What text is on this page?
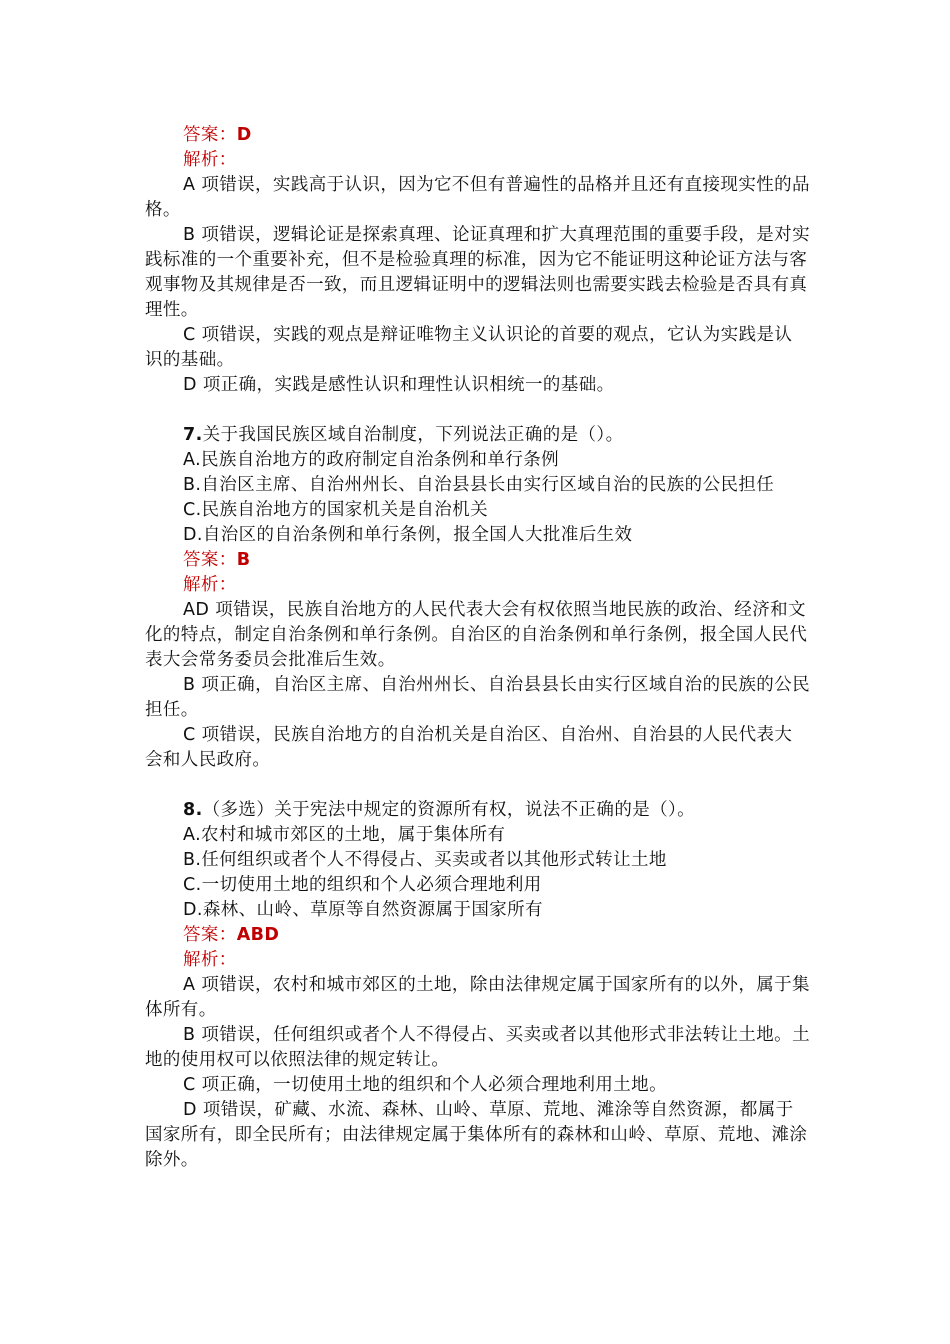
答案：D

解析：

A 项错误，实践高于认识，因为它不但有普遍性的品格并且还有直接现实性的品格。

B 项错误，逻辑论证是探索真理、论证真理和扩大真理范围的重要手段，是对实践标准的一个重要补充，但不是检验真理的标准，因为它不能证明这种论证方法与客观事物及其规律是否一致，而且逻辑证明中的逻辑法则也需要实践去检验是否具有真理性。

C 项错误，实践的观点是辩证唯物主义认识论的首要的观点，它认为实践是认识的基础。

D 项正确，实践是感性认识和理性认识相统一的基础。

7.关于我国民族区域自治制度，下列说法正确的是（）。

A.民族自治地方的政府制定自治条例和单行条例

B.自治区主席、自治州州长、自治县县长由实行区域自治的民族的公民担任

C.民族自治地方的国家机关是自治机关

D.自治区的自治条例和单行条例，报全国人大批准后生效

答案：B

解析：

AD 项错误，民族自治地方的人民代表大会有权依照当地民族的政治、经济和文化的特点，制定自治条例和单行条例。自治区的自治条例和单行条例，报全国人民代表大会常务委员会批准后生效。

B 项正确，自治区主席、自治州州长、自治县县长由实行区域自治的民族的公民担任。

C 项错误，民族自治地方的自治机关是自治区、自治州、自治县的人民代表大会和人民政府。

8.（多选）关于宪法中规定的资源所有权，说法不正确的是（）。

A.农村和城市郊区的土地，属于集体所有

B.任何组织或者个人不得侵占、买卖或者以其他形式转让土地

C.一切使用土地的组织和个人必须合理地利用

D.森林、山岭、草原等自然资源属于国家所有

答案：ABD

解析：

A 项错误，农村和城市郊区的土地，除由法律规定属于国家所有的以外，属于集体所有。

B 项错误，任何组织或者个人不得侵占、买卖或者以其他形式非法转让土地。土地的使用权可以依照法律的规定转让。

C 项正确，一切使用土地的组织和个人必须合理地利用土地。

D 项错误，矿藏、水流、森林、山岭、草原、荒地、滩涂等自然资源，都属于国家所有，即全民所有；由法律规定属于集体所有的森林和山岭、草原、荒地、滩涂除外。
